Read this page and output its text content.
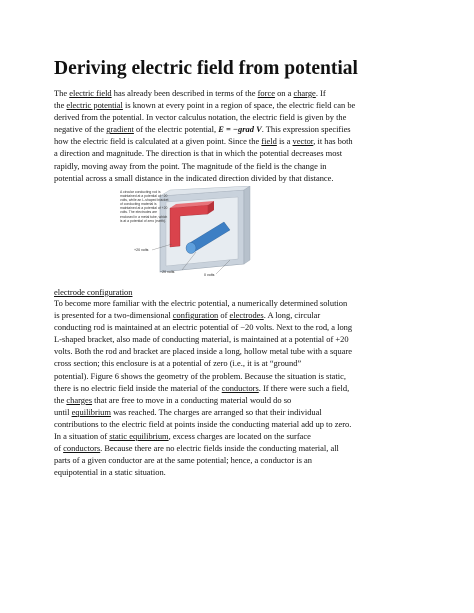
Deriving electric field from potential
The electric field has already been described in terms of the force on a charge. If
the electric potential is known at every point in a region of space, the electric field can be
derived from the potential. In vector calculus notation, the electric field is given by the
negative of the gradient of the electric potential, E = −grad V. This expression specifies
how the electric field is calculated at a given point. Since the field is a vector, it has both
a direction and magnitude. The direction is that in which the potential decreases most
rapidly, moving away from the point. The magnitude of the field is the change in
potential across a small distance in the indicated direction divided by that distance.
A circular conducting rod is maintained at a potential of −20 volts, while an L-shaped bracket of conducting material is maintained at a potential of +20 volts. The electrodes are enclosed in a metal tube, which is at a potential of zero (earth).
+20 volts
−20 volts
0 volts
electrode configuration
To become more familiar with the electric potential, a numerically determined solution
is presented for a two-dimensional configuration of electrodes. A long, circular
conducting rod is maintained at an electric potential of −20 volts. Next to the rod, a long
L-shaped bracket, also made of conducting material, is maintained at a potential of +20
volts. Both the rod and bracket are placed inside a long, hollow metal tube with a square
cross section; this enclosure is at a potential of zero (i.e., it is at “ground”
potential). Figure 6 shows the geometry of the problem. Because the situation is static,
there is no electric field inside the material of the conductors. If there were such a field,
the charges that are free to move in a conducting material would do so
until equilibrium was reached. The charges are arranged so that their individual
contributions to the electric field at points inside the conducting material add up to zero.
In a situation of static equilibrium, excess charges are located on the surface
of conductors. Because there are no electric fields inside the conducting material, all
parts of a given conductor are at the same potential; hence, a conductor is an
equipotential in a static situation.
